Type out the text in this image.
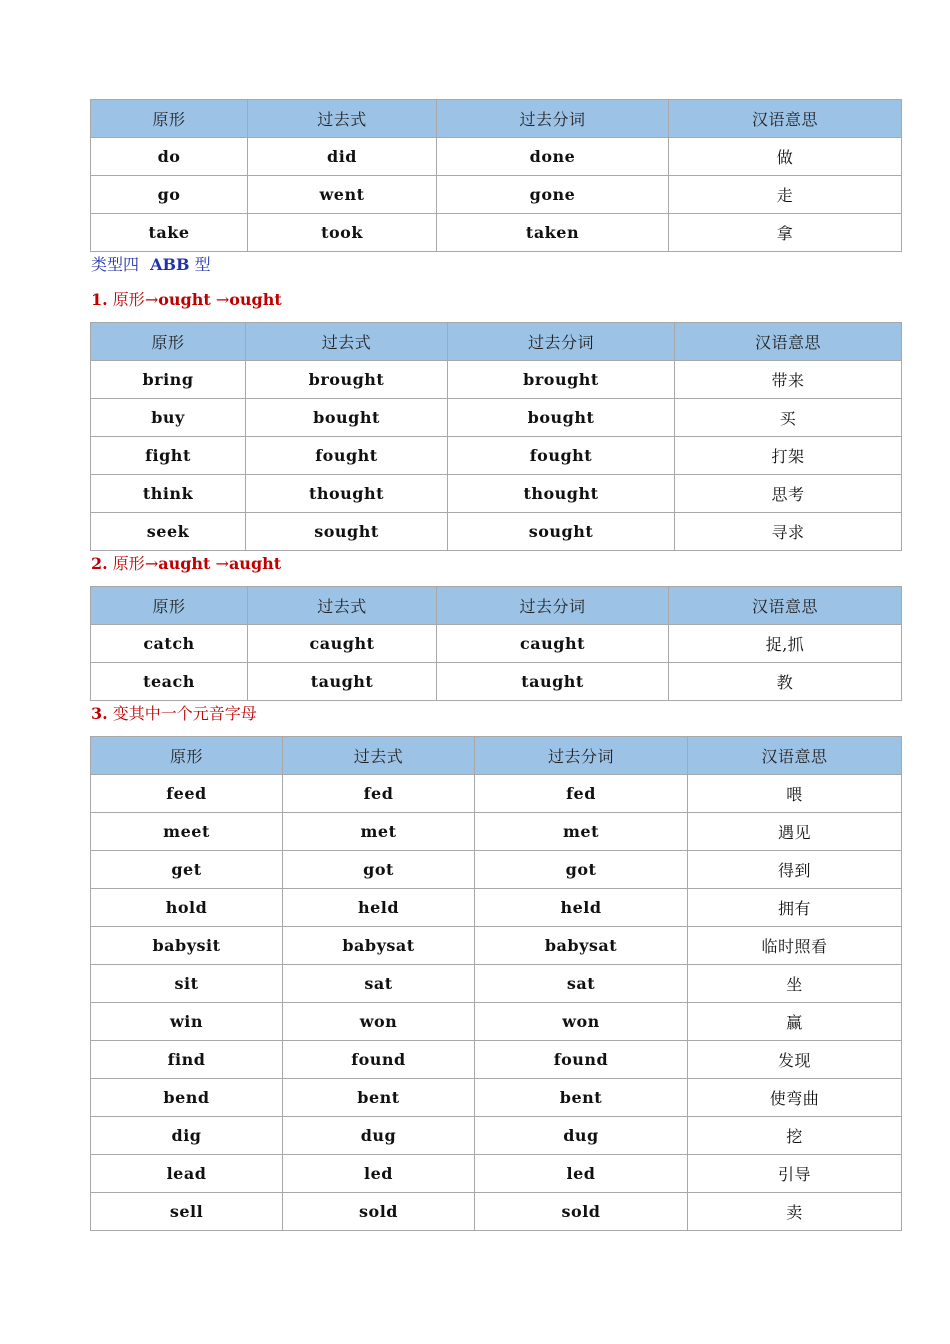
原形	过去式	过去分词	汉语意思
do	did	done	做
go	went	gone	走
take	took	taken	拿
类型四 ABB 型
1. 原形→ought →ought
原形	过去式	过去分词	汉语意思
bring	brought	brought	带来
buy	bought	bought	买
fight	fought	fought	打架
think	thought	thought	思考
seek	sought	sought	寻求
2. 原形→aught →aught
原形	过去式	过去分词	汉语意思
catch	caught	caught	捉,抓
teach	taught	taught	教
3. 变其中一个元音字母
原形	过去式	过去分词	汉语意思
feed	fed	fed	喂
meet	met	met	遇见
get	got	got	得到
hold	held	held	拥有
babysit	babysat	babysat	临时照看
sit	sat	sat	坐
win	won	won	赢
find	found	found	发现
bend	bent	bent	使弯曲
dig	dug	dug	挖
lead	led	led	引导
sell	sold	sold	卖
